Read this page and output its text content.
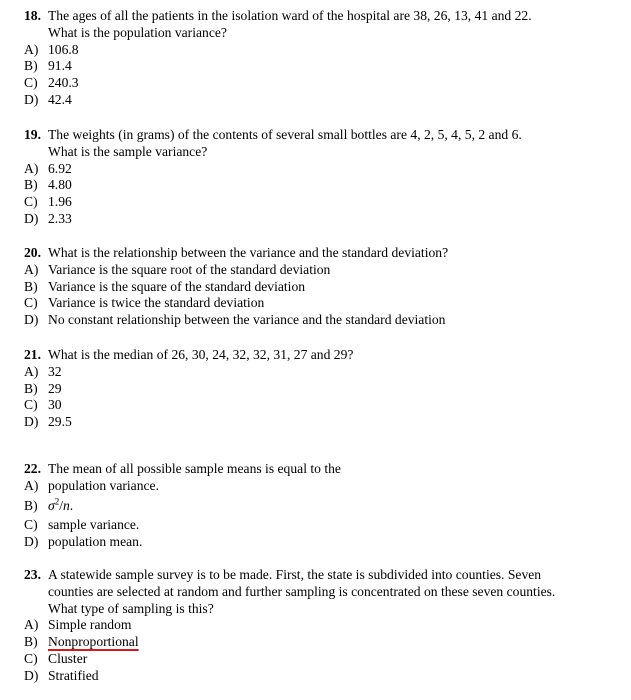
18. The ages of all the patients in the isolation ward of the hospital are 38, 26, 13, 41 and 22.
What is the population variance?
A) 106.8
B) 91.4
C) 240.3
D) 42.4
19. The weights (in grams) of the contents of several small bottles are 4, 2, 5, 4, 5, 2 and 6.
What is the sample variance?
A) 6.92
B) 4.80
C) 1.96
D) 2.33
20. What is the relationship between the variance and the standard deviation?
A) Variance is the square root of the standard deviation
B) Variance is the square of the standard deviation
C) Variance is twice the standard deviation
D) No constant relationship between the variance and the standard deviation
21. What is the median of 26, 30, 24, 32, 32, 31, 27 and 29?
A) 32
B) 29
C) 30
D) 29.5
22. The mean of all possible sample means is equal to the
A) population variance.
B) $\sigma^2/n$.
C) sample variance.
D) population mean.
23. A statewide sample survey is to be made. First, the state is subdivided into counties. Seven
counties are selected at random and further sampling is concentrated on these seven counties.
What type of sampling is this?
A) Simple random
B) Nonproportional
C) Cluster
D) Stratified
